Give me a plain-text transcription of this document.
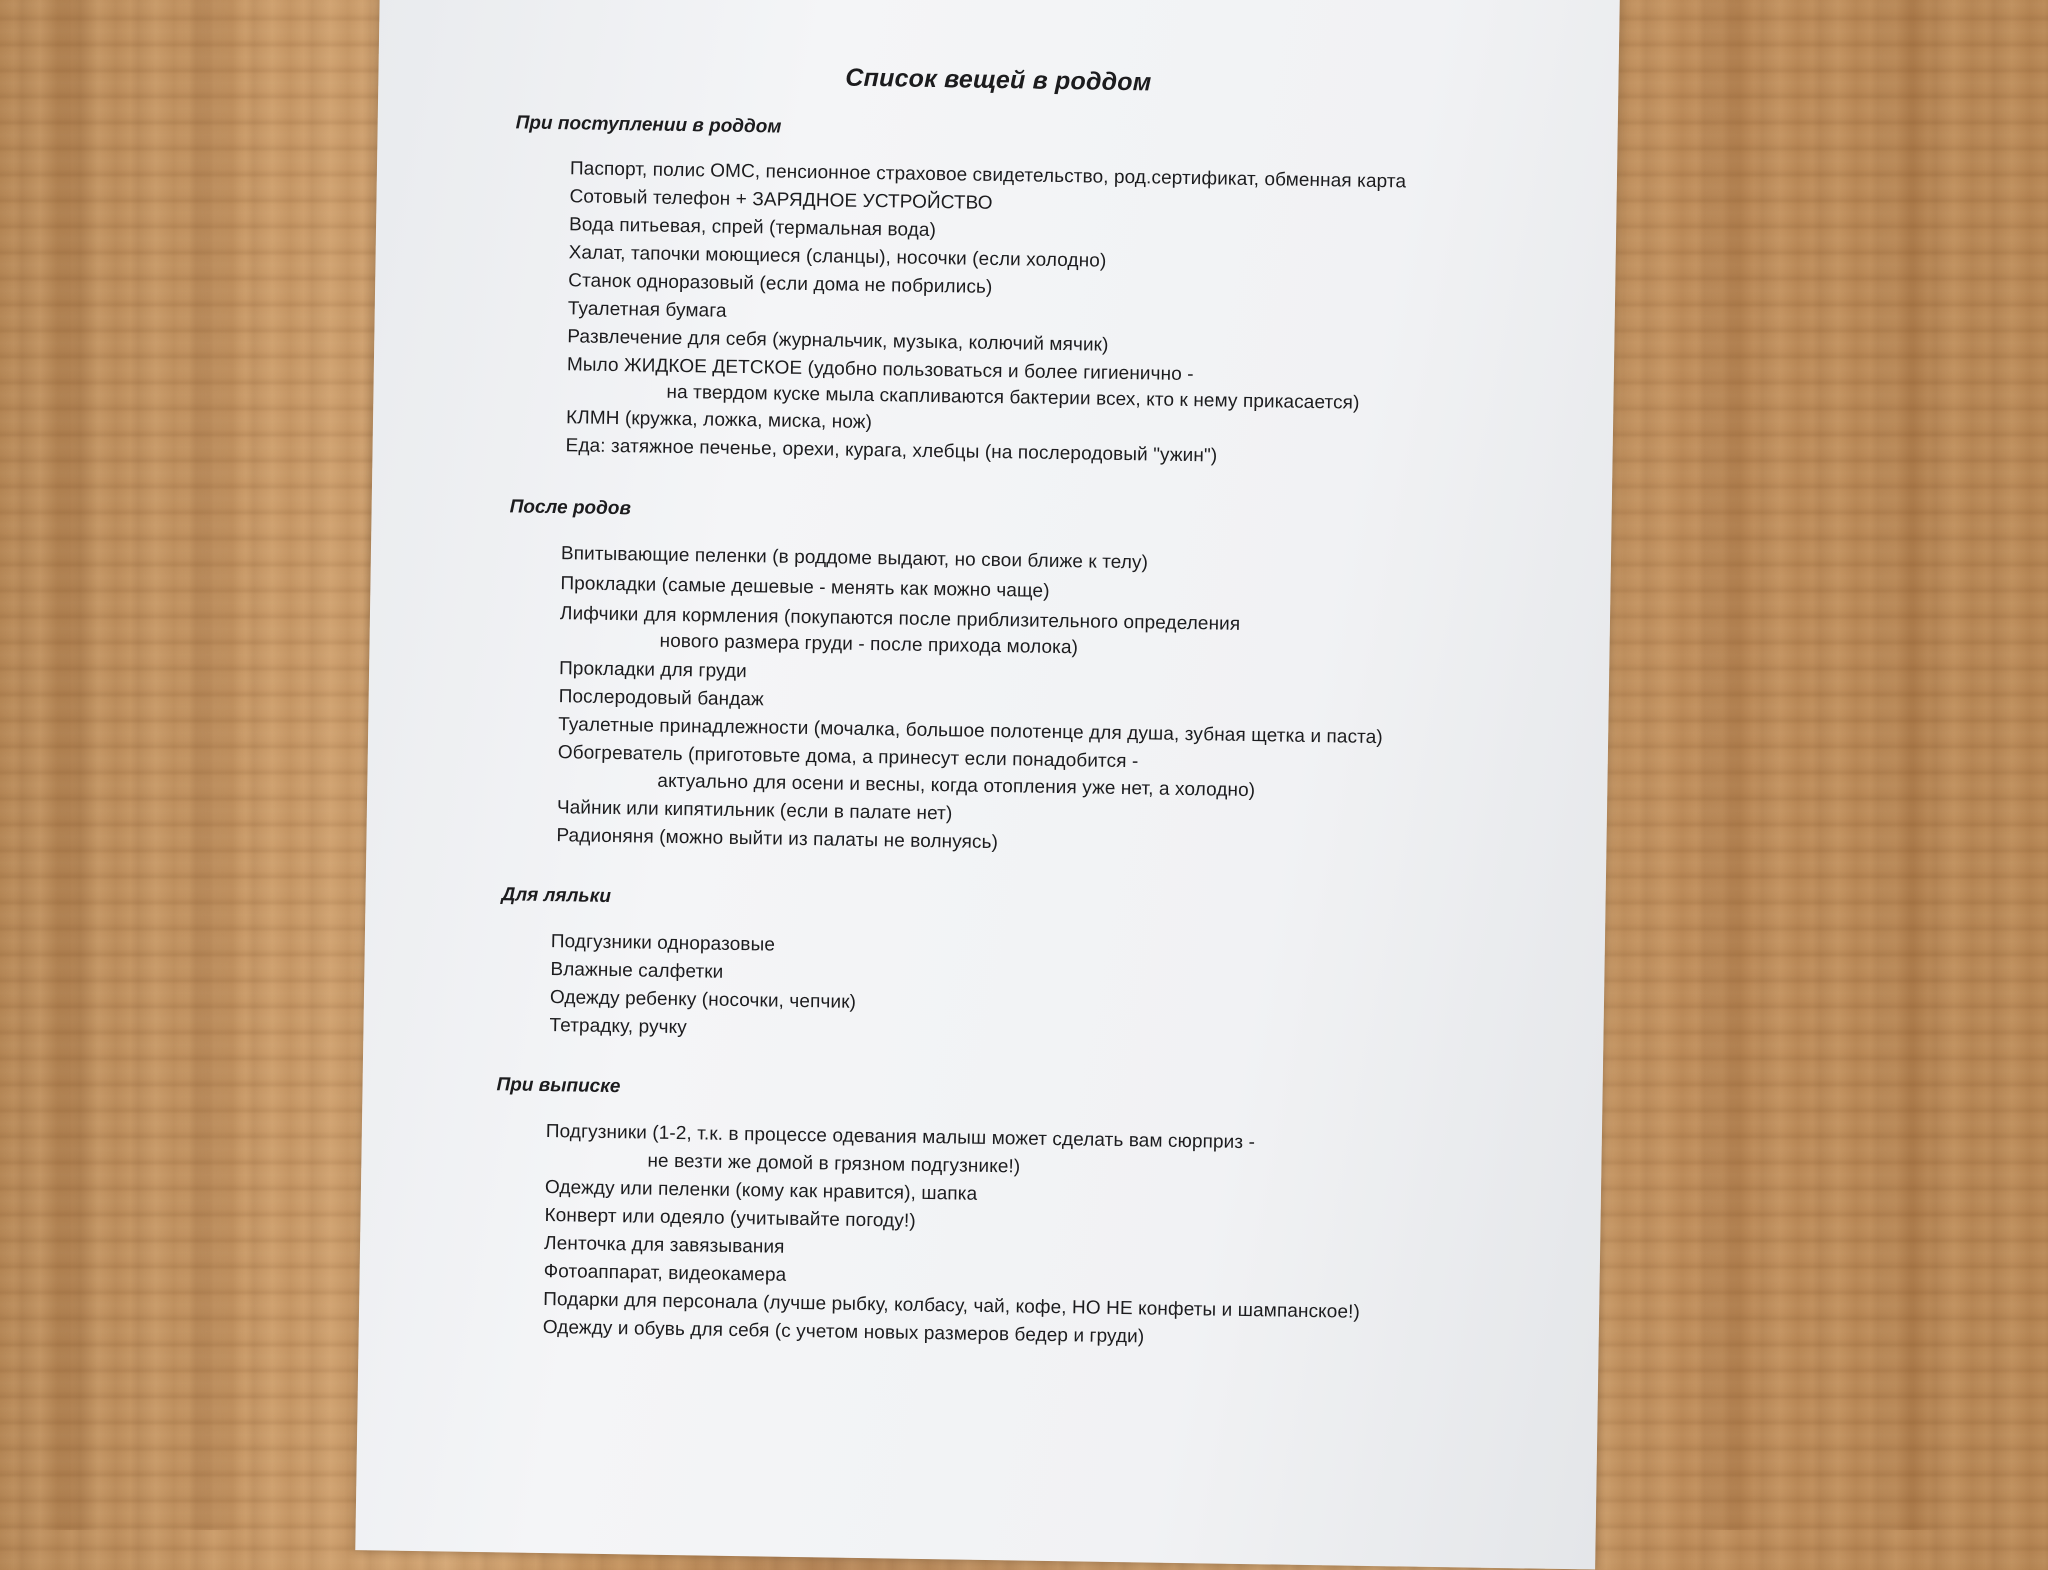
Список вещей в роддом
При поступлении в роддом
Паспорт, полис ОМС, пенсионное страховое свидетельство, род.сертификат, обменная карта
Сотовый телефон + ЗАРЯДНОЕ УСТРОЙСТВО
Вода питьевая, спрей (термальная вода)
Халат, тапочки моющиеся (сланцы), носочки (если холодно)
Станок одноразовый (если дома не побрились)
Туалетная бумага
Развлечение для себя (журнальчик, музыка, колючий мячик)
Мыло ЖИДКОЕ ДЕТСКОЕ (удобно пользоваться и более гигиенично -
на твердом куске мыла скапливаются бактерии всех, кто к нему прикасается)
КЛМН (кружка, ложка, миска, нож)
Еда: затяжное печенье, орехи, курага, хлебцы (на послеродовый "ужин")
После родов
Впитывающие пеленки (в роддоме выдают, но свои ближе к телу)
Прокладки (самые дешевые - менять как можно чаще)
Лифчики для кормления (покупаются после приблизительного определения
нового размера груди - после прихода молока)
Прокладки для груди
Послеродовый бандаж
Туалетные принадлежности (мочалка, большое полотенце для душа, зубная щетка и паста)
Обогреватель (приготовьте дома, а принесут если понадобится -
актуально для осени и весны, когда отопления уже нет, а холодно)
Чайник или кипятильник (если в палате нет)
Радионяня (можно выйти из палаты не волнуясь)
Для ляльки
Подгузники одноразовые
Влажные салфетки
Одежду ребенку (носочки, чепчик)
Тетрадку, ручку
При выписке
Подгузники (1-2, т.к. в процессе одевания малыш может сделать вам сюрприз -
не везти же домой в грязном подгузнике!)
Одежду или пеленки (кому как нравится), шапка
Конверт или одеяло (учитывайте погоду!)
Ленточка для завязывания
Фотоаппарат, видеокамера
Подарки для персонала (лучше рыбку, колбасу, чай, кофе, НО НЕ конфеты и шампанское!)
Одежду и обувь для себя (с учетом новых размеров бедер и груди)
